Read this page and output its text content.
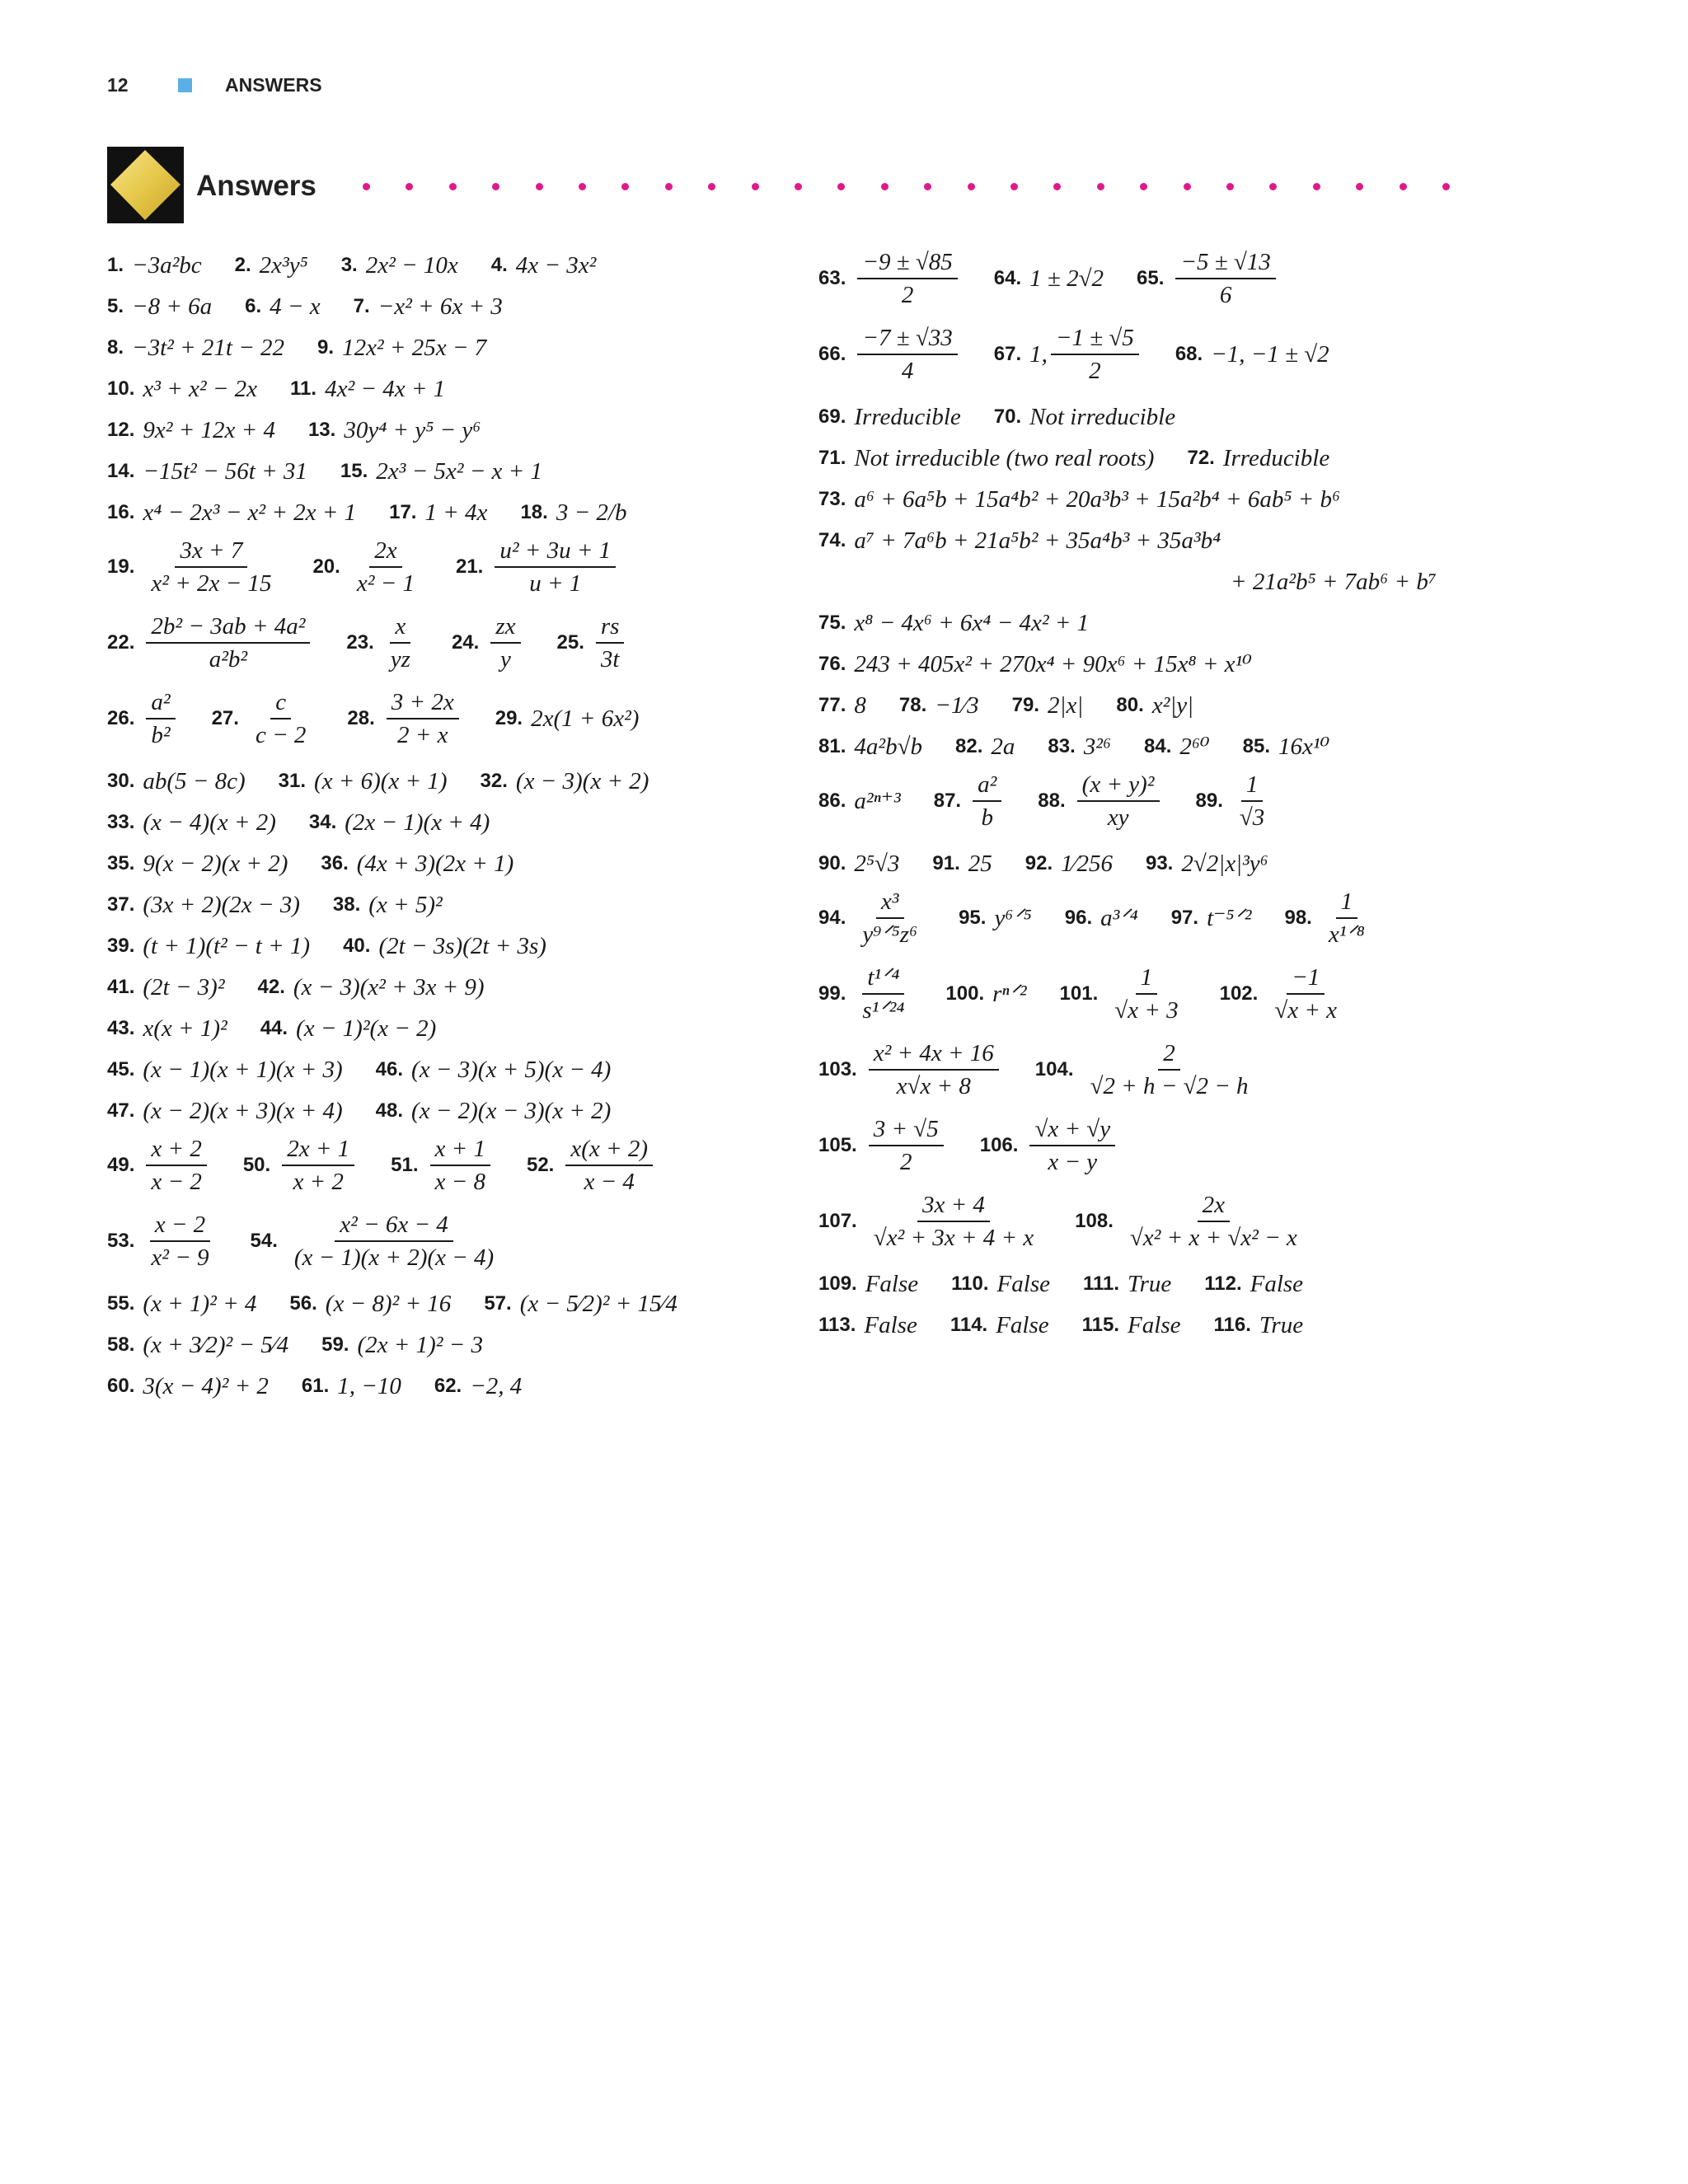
12	ANSWERS
Answers
1. −3a²bc 2. 2x³y⁵ 3. 2x² − 10x 4. 4x − 3x²
5. −8 + 6a 6. 4 − x 7. −x² + 6x + 3
8. −3t² + 21t − 22 9. 12x² + 25x − 7
10. x³ + x² − 2x 11. 4x² − 4x + 1
12. 9x² + 12x + 4 13. 30y⁴ + y⁵ − y⁶
14. −15t² − 56t + 31 15. 2x³ − 5x² − x + 1
16. x⁴ − 2x³ − x² + 2x + 1 17. 1 + 4x 18. 3 − 2/b
19. $\frac{3x + 7}{\text{x² + 2x − 15}} 20$. $\frac{2x}{\text{x² − 1}} 21$. $\frac{\text{u² + 3u + 1}}{u + 1}$
22. $\frac{\text{2b² − 3ab + 4a²}}{\text{a²b²}} 23$. $\frac{x}{yz} 24$. $\frac{zx}{y} 25$. $\frac{rs}{3t}$
26. $\frac{\text{a²}}{\text{b²}} 27$. $\frac{c}{c - 2} 28$. $\frac{3 + 2x}{2 + x} 29$. 2x(1 + 6x²)
30. ab(5 − 8c) 31. (x + 6)(x + 1) 32. (x − 3)(x + 2)
33. (x − 4)(x + 2) 34. (2x − 1)(x + 4)
35. 9(x − 2)(x + 2) 36. (4x + 3)(2x + 1)
37. (3x + 2)(2x − 3) 38. (x + 5)²
39. (t + 1)(t² − t + 1) 40. (2t − 3s)(2t + 3s)
41. (2t − 3)² 42. (x − 3)(x² + 3x + 9)
43. x(x + 1)² 44. (x − 1)²(x − 2)
45. (x − 1)(x + 1)(x + 3) 46. (x − 3)(x + 5)(x − 4)
47. (x − 2)(x + 3)(x + 4) 48. (x − 2)(x − 3)(x + 2)
49. $\frac{x + 2}{x - 2} 50$. $\frac{2x + 1}{x + 2} 51$. $\frac{x + 1}{x - 8} 52$. $\frac{x(x + 2)}{x - 4}$
53. $\frac{x - 2}{\text{x² − 9}} 54$. $\frac{\text{x² − 6x − 4}}{(x - 1)(x + 2)(x - 4)}$
55. (x + 1)² + 4 56. (x − 8)² + 16 57. (x − 5⁄2)² + 15⁄4
58. (x + 3⁄2)² − 5⁄4 59. (2x + 1)² − 3
60. 3(x − 4)² + 2 61. 1, −10 62. −2, 4
63. $\frac{-9 \pm √85}{2} 64$. 1 ± 2√2 65. $\frac{-5 \pm √13}{6}$
66. $\frac{-7 \pm √33}{4} 67$. 1, $\frac{-1 \pm √5}{2} 68$. −1, −1 ± √2
69. Irreducible 70. Not irreducible
71. Not irreducible (two real roots) 72. Irreducible
73. a⁶ + 6a⁵b + 15a⁴b² + 20a³b³ + 15a²b⁴ + 6ab⁵ + b⁶
74. a⁷ + 7a⁶b + 21a⁵b² + 35a⁴b³ + 35a³b⁴
+ 21a²b⁵ + 7ab⁶ + b⁷
75. x⁸ − 4x⁶ + 6x⁴ − 4x² + 1
76. 243 + 405x² + 270x⁴ + 90x⁶ + 15x⁸ + x¹⁰
77. 8 78. −1⁄3 79. 2|x| 80. x²|y|
81. 4a²b√b 82. 2a 83. 3²⁶ 84. 2⁶⁰ 85. 16x¹⁰
86. a²ⁿ⁺³ 87. $\frac{\text{a²}}{b} 88$. $\frac{\text{(x + y)²}}{xy} 89$. $\frac{1}{√3}$
90. 2⁵√3 91. 25 92. 1⁄256 93. 2√2|x|³y⁶
94. $\frac{\text{x³}}{\text{y⁹ᐟ⁵z⁶}} 95$. y⁶ᐟ⁵ 96. a³ᐟ⁴ 97. t⁻⁵ᐟ² 98. $\frac{1}{\text{x¹ᐟ⁸}}$
99. $\frac{\text{t¹ᐟ⁴}}{\text{s¹ᐟ²⁴}} 100$. rⁿᐟ² 101. $\frac{1}{√x + 3} 102$. $\frac{-1}{√x + x}$
103. $\frac{\text{x² + 4x + 16}}{x√x + 8} 104$. $\frac{2}{√2 + h - √2 - h}$
105. $\frac{3 + √5}{2} 106$. $\frac{√x + √y}{x - y}$
107. $\frac{3x + 4}{\text{√x² + 3x + 4 + x}} 108$. $\frac{2x}{\text{√x² + x + √x² − x}}$
109. False 110. False 111. True 112. False
113. False 114. False 115. False 116. True
